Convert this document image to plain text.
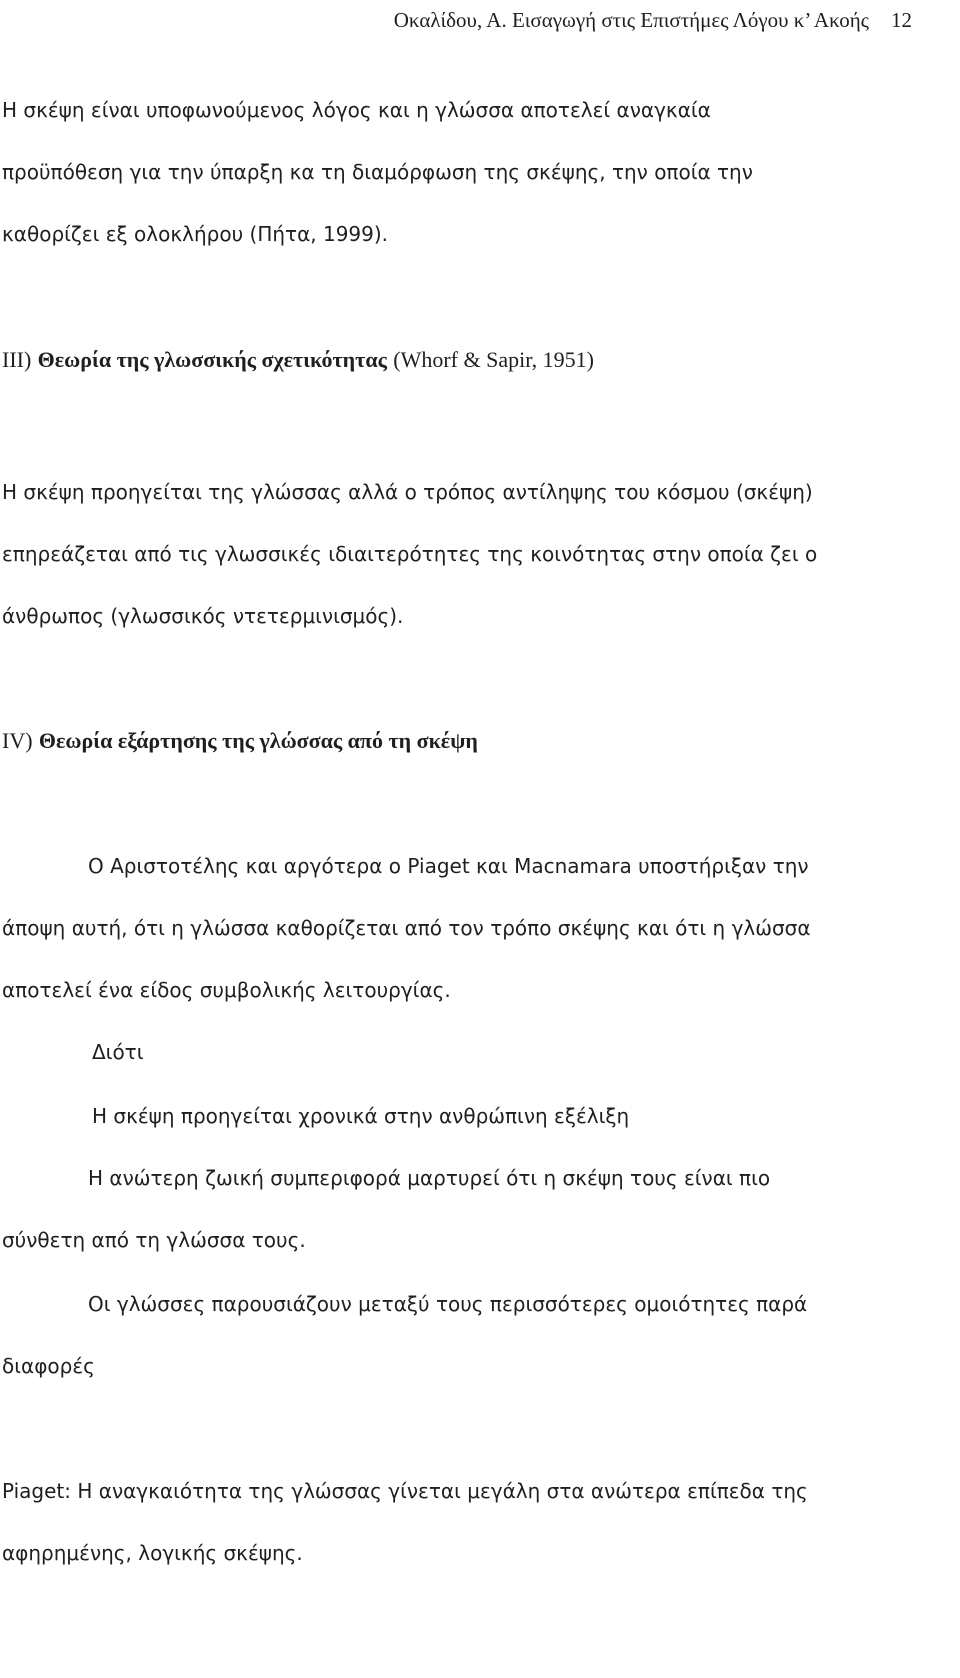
Οκαλίδου, Α. Εισαγωγή στις Επιστήμες Λόγου κ’ Ακοής 12
Η σκέψη είναι υποφωνούμενος λόγος και η γλώσσα αποτελεί αναγκαία
προϋπόθεση για την ύπαρξη κα τη διαμόρφωση της σκέψης, την οποία την
καθορίζει εξ ολοκλήρου (Πήτα, 1999).
ΙΙΙ) Θεωρία της γλωσσικής σχετικότητας (Whorf & Sapir, 1951)
Η σκέψη προηγείται της γλώσσας αλλά ο τρόπος αντίληψης του κόσμου (σκέψη)
επηρεάζεται από τις γλωσσικές ιδιαιτερότητες της κοινότητας στην οποία ζει ο
άνθρωπος (γλωσσικός ντετερμινισμός).
ΙV) Θεωρία εξάρτησης της γλώσσας από τη σκέψη
Ο Αριστοτέλης και αργότερα ο Piaget και Macnamara υποστήριξαν την
άποψη αυτή, ότι η γλώσσα καθορίζεται από τον τρόπο σκέψης και ότι η γλώσσα
αποτελεί ένα είδος συμβολικής λειτουργίας.
Διότι
Η σκέψη προηγείται χρονικά στην ανθρώπινη εξέλιξη
Η ανώτερη ζωική συμπεριφορά μαρτυρεί ότι η σκέψη τους είναι πιο
σύνθετη από τη γλώσσα τους.
Οι γλώσσες παρουσιάζουν μεταξύ τους περισσότερες ομοιότητες παρά
διαφορές
Piaget: Η αναγκαιότητα της γλώσσας γίνεται μεγάλη στα ανώτερα επίπεδα της
αφηρημένης, λογικής σκέψης.
